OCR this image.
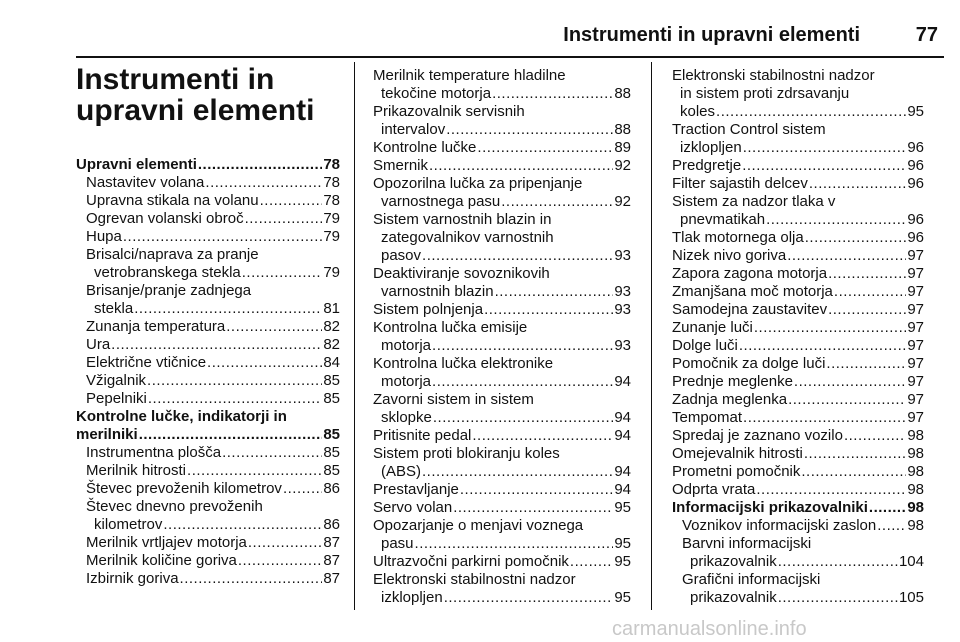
Instrumenti in upravni elementi	77
Instrumenti in
upravni elementi
Upravni elementi .....	78
Nastavitev volana .....	78
Upravna stikala na volanu .....	78
Ogrevan volanski obroč .....	79
Hupa .....	79
Brisalci/naprava za pranje
vetrobranskega stekla .....	79
Brisanje/pranje zadnjega
stekla .....	81
Zunanja temperatura .....	82
Ura .....	82
Električne vtičnice .....	84
Vžigalnik .....	85
Pepelniki .....	85
Kontrolne lučke, indikatorji in
merilniki .....	85
Instrumentna plošča .....	85
Merilnik hitrosti .....	85
Števec prevoženih kilometrov .....	86
Števec dnevno prevoženih
kilometrov .....	86
Merilnik vrtljajev motorja .....	87
Merilnik količine goriva .....	87
Izbirnik goriva .....	87
Merilnik temperature hladilne
tekočine motorja .....	88
Prikazovalnik servisnih
intervalov .....	88
Kontrolne lučke .....	89
Smernik .....	92
Opozorilna lučka za pripenjanje
varnostnega pasu .....	92
Sistem varnostnih blazin in
zategovalnikov varnostnih
pasov .....	93
Deaktiviranje sovoznikovih
varnostnih blazin .....	93
Sistem polnjenja .....	93
Kontrolna lučka emisije
motorja .....	93
Kontrolna lučka elektronike
motorja .....	94
Zavorni sistem in sistem
sklopke .....	94
Pritisnite pedal .....	94
Sistem proti blokiranju koles
(ABS) .....	94
Prestavljanje .....	94
Servo volan .....	95
Opozarjanje o menjavi voznega
pasu .....	95
Ultrazvočni parkirni pomočnik .....	95
Elektronski stabilnostni nadzor
izklopljen .....	95
Elektronski stabilnostni nadzor
in sistem proti zdrsavanju
koles .....	95
Traction Control sistem
izklopljen .....	96
Predgretje .....	96
Filter sajastih delcev .....	96
Sistem za nadzor tlaka v
pnevmatikah .....	96
Tlak motornega olja .....	96
Nizek nivo goriva .....	97
Zapora zagona motorja .....	97
Zmanjšana moč motorja .....	97
Samodejna zaustavitev .....	97
Zunanje luči .....	97
Dolge luči .....	97
Pomočnik za dolge luči .....	97
Prednje meglenke .....	97
Zadnja meglenka .....	97
Tempomat .....	97
Spredaj je zaznano vozilo .....	98
Omejevalnik hitrosti .....	98
Prometni pomočnik .....	98
Odprta vrata .....	98
Informacijski prikazovalniki .....	98
Voznikov informacijski zaslon ..... 98
Barvni informacijski
prikazovalnik .....	104
Grafični informacijski
prikazovalnik .....	105
carmanualsonline.info
